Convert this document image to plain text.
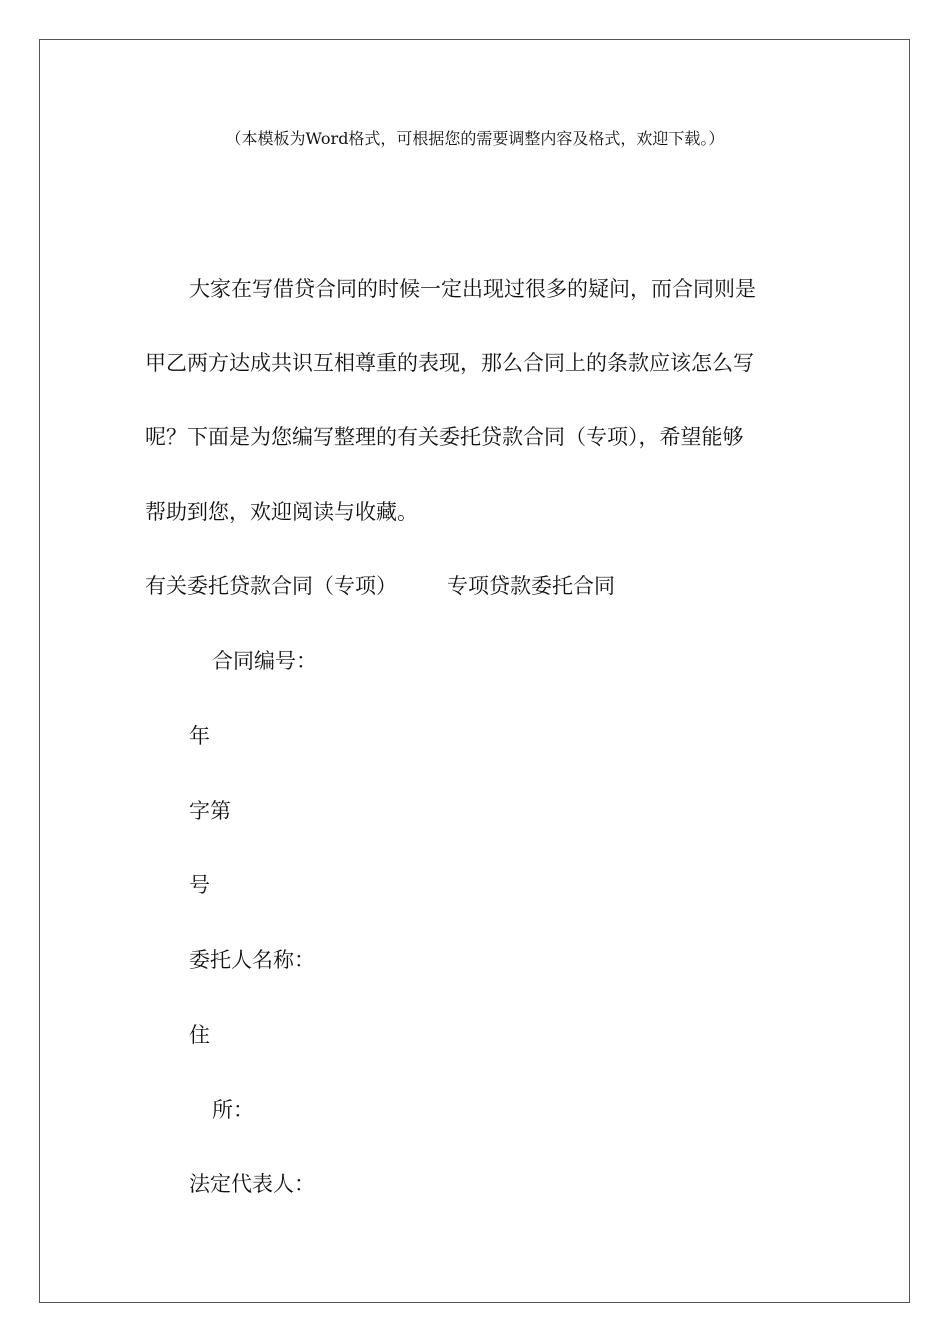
（本模板为Word格式，可根据您的需要调整内容及格式，欢迎下载。）
大家在写借贷合同的时候一定出现过很多的疑问，而合同则是
甲乙两方达成共识互相尊重的表现，那么合同上的条款应该怎么写
呢？下面是为您编写整理的有关委托贷款合同（专项），希望能够
帮助到您，欢迎阅读与收藏。
有关委托贷款合同（专项） 专项贷款委托合同
合同编号：
年
字第
号
委托人名称：
住
所：
法定代表人：
